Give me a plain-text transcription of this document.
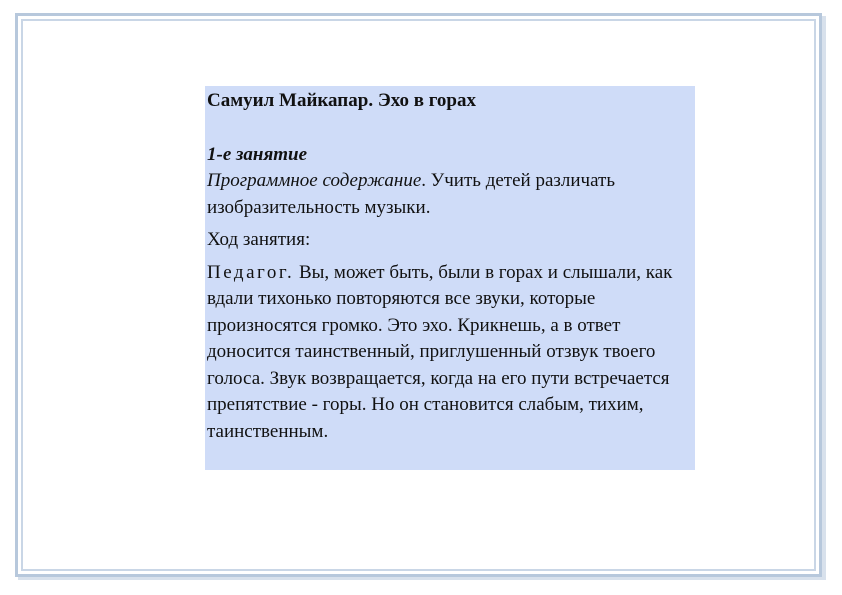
Самуил Майкапар. Эхо в горах

1-е занятие

Программное содержание. Учить детей различать изобразительность музыки.

Ход занятия:

Педагог. Вы, может быть, были в горах и слышали, как вдали тихонько повторяются все звуки, которые произносятся громко. Это эхо. Крикнешь, а в ответ доносится таинственный, приглушенный отзвук твоего голоса. Звук возвращается, когда на его пути встречается препятствие - горы. Но он становится слабым, тихим, таинственным.
